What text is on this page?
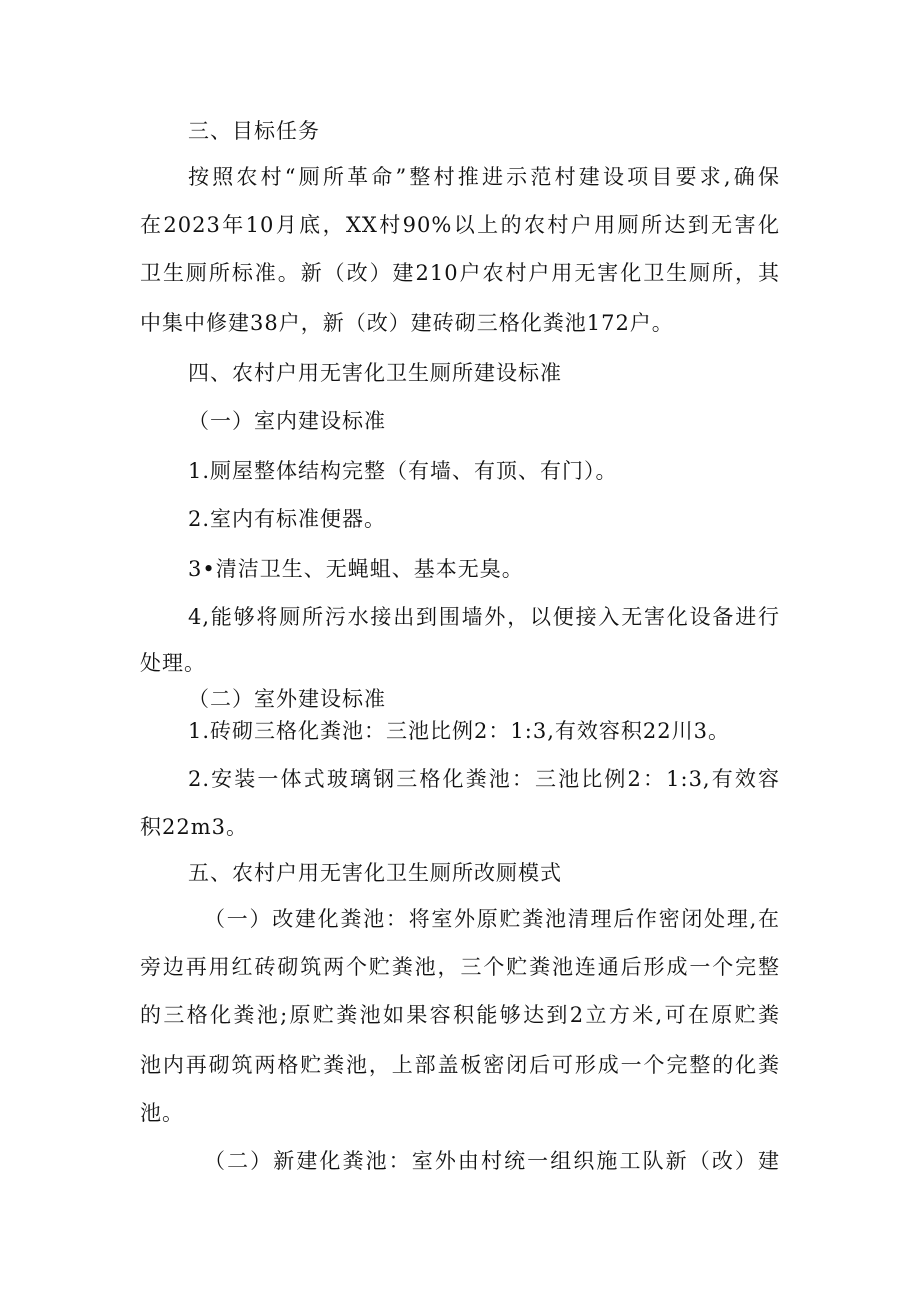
三、目标任务
按照农村“厕所革命”整村推进示范村建设项目要求,确保
在2023年10月底，XX村90%以上的农村户用厕所达到无害化
卫生厕所标准。新（改）建210户农村户用无害化卫生厕所，其
中集中修建38户，新（改）建砖砌三格化粪池172户。
四、农村户用无害化卫生厕所建设标准
（一）室内建设标准
1.厕屋整体结构完整（有墙、有顶、有门）。
2.室内有标准便器。
3•清洁卫生、无蝇蛆、基本无臭。
4,能够将厕所污水接出到围墙外，以便接入无害化设备进行
处理。
（二）室外建设标准
1.砖砌三格化粪池：三池比例2：1:3,有效容积22川3。
2.安装一体式玻璃钢三格化粪池：三池比例2：1:3,有效容
积22m3。
五、农村户用无害化卫生厕所改厕模式
（一）改建化粪池：将室外原贮粪池清理后作密闭处理,在
旁边再用红砖砌筑两个贮粪池，三个贮粪池连通后形成一个完整
的三格化粪池;原贮粪池如果容积能够达到2立方米,可在原贮粪
池内再砌筑两格贮粪池，上部盖板密闭后可形成一个完整的化粪
池。
（二）新建化粪池：室外由村统一组织施工队新（改）建
